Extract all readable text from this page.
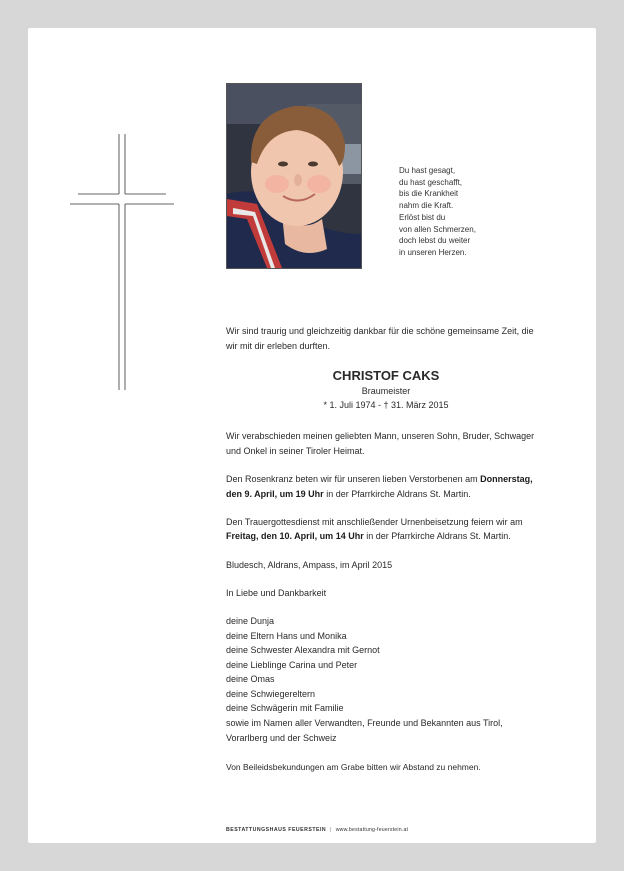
Du hast gesagt,
du hast geschafft,
bis die Krankheit
nahm die Kraft.
Erlöst bist du
von allen Schmerzen,
doch lebst du weiter
in unseren Herzen.

Wir sind traurig und gleichzeitig dankbar für die schöne gemeinsame Zeit, die wir mit dir erleben durften.

CHRISTOF CAKS

Braumeister

* 1. Juli 1974 - † 31. März 2015

Wir verabschieden meinen geliebten Mann, unseren Sohn, Bruder, Schwager und Onkel in seiner Tiroler Heimat.

Den Rosenkranz beten wir für unseren lieben Verstorbenen am Donnerstag, den 9. April, um 19 Uhr in der Pfarrkirche Aldrans St. Martin.

Den Trauergottesdienst mit anschließender Urnenbeisetzung feiern wir am Freitag, den 10. April, um 14 Uhr in der Pfarrkirche Aldrans St. Martin.

Bludesch, Aldrans, Ampass, im April 2015

In Liebe und Dankbarkeit

deine Dunja
deine Eltern Hans und Monika
deine Schwester Alexandra mit Gernot
deine Lieblinge Carina und Peter
deine Omas
deine Schwiegereltern
deine Schwägerin mit Familie
sowie im Namen aller Verwandten, Freunde und Bekannten aus Tirol,
Vorarlberg und der Schweiz

Von Beileidsbekundungen am Grabe bitten wir Abstand zu nehmen.

BESTATTUNGSHAUS FEUERSTEIN | www.bestattung-feuerstein.at
